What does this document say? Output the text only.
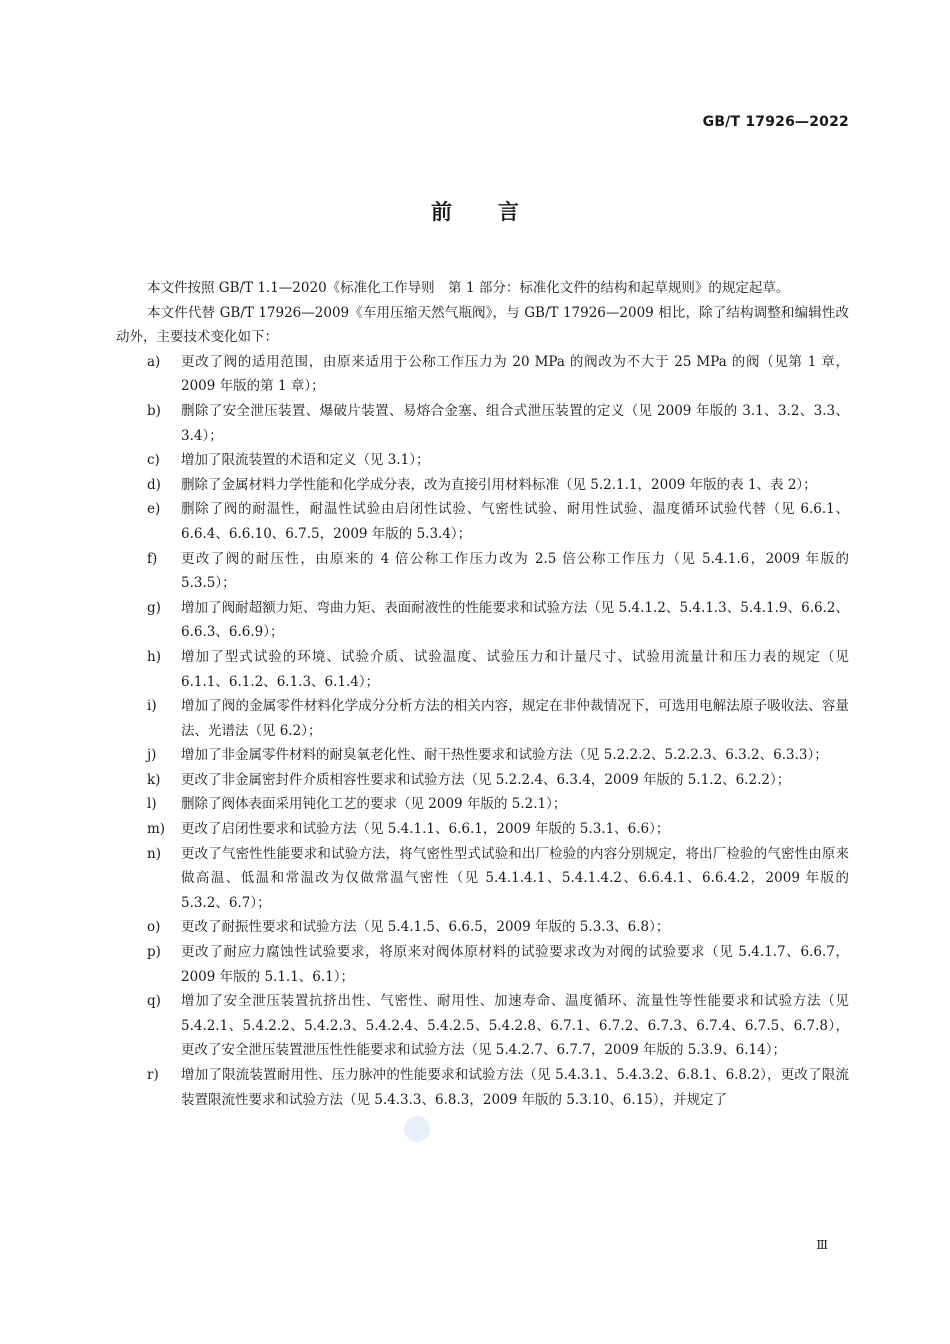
GB/T 17926—2022
前言

本文件按照 GB/T 1.1—2020《标准化工作导则　第 1 部分：标准化文件的结构和起草规则》的规定起草。

本文件代替 GB/T 17926—2009《车用压缩天然气瓶阀》，与 GB/T 17926—2009 相比，除了结构调整和编辑性改动外，主要技术变化如下：

a)	更改了阀的适用范围，由原来适用于公称工作压力为 20 MPa 的阀改为不大于 25 MPa 的阀（见第 1 章，2009 年版的第 1 章）；
b)	删除了安全泄压装置、爆破片装置、易熔合金塞、组合式泄压装置的定义（见 2009 年版的 3.1、3.2、3.3、3.4）；
c)	增加了限流装置的术语和定义（见 3.1）；
d)	删除了金属材料力学性能和化学成分表，改为直接引用材料标准（见 5.2.1.1，2009 年版的表 1、表 2）；
e)	删除了阀的耐温性，耐温性试验由启闭性试验、气密性试验、耐用性试验、温度循环试验代替（见 6.6.1、6.6.4、6.6.10、6.7.5，2009 年版的 5.3.4）；
f)	更改了阀的耐压性，由原来的 4 倍公称工作压力改为 2.5 倍公称工作压力（见 5.4.1.6，2009 年版的 5.3.5）；
g)	增加了阀耐超额力矩、弯曲力矩、表面耐液性的性能要求和试验方法（见 5.4.1.2、5.4.1.3、5.4.1.9、6.6.2、6.6.3、6.6.9）；
h)	增加了型式试验的环境、试验介质、试验温度、试验压力和计量尺寸、试验用流量计和压力表的规定（见 6.1.1、6.1.2、6.1.3、6.1.4）；
i)	增加了阀的金属零件材料化学成分分析方法的相关内容，规定在非仲裁情况下，可选用电解法原子吸收法、容量法、光谱法（见 6.2）；
j)	增加了非金属零件材料的耐臭氧老化性、耐干热性要求和试验方法（见 5.2.2.2、5.2.2.3、6.3.2、6.3.3）；
k)	更改了非金属密封件介质相容性要求和试验方法（见 5.2.2.4、6.3.4，2009 年版的 5.1.2、6.2.2）；
l)	删除了阀体表面采用钝化工艺的要求（见 2009 年版的 5.2.1）；
m)	更改了启闭性要求和试验方法（见 5.4.1.1、6.6.1，2009 年版的 5.3.1、6.6）；
n)	更改了气密性性能要求和试验方法，将气密性型式试验和出厂检验的内容分别规定，将出厂检验的气密性由原来做高温、低温和常温改为仅做常温气密性（见 5.4.1.4.1、5.4.1.4.2、6.6.4.1、6.6.4.2，2009 年版的 5.3.2、6.7）；
o)	更改了耐振性要求和试验方法（见 5.4.1.5、6.6.5，2009 年版的 5.3.3、6.8）；
p)	更改了耐应力腐蚀性试验要求，将原来对阀体原材料的试验要求改为对阀的试验要求（见 5.4.1.7、6.6.7，2009 年版的 5.1.1、6.1）；
q)	增加了安全泄压装置抗挤出性、气密性、耐用性、加速寿命、温度循环、流量性等性能要求和试验方法（见 5.4.2.1、5.4.2.2、5.4.2.3、5.4.2.4、5.4.2.5、5.4.2.8、6.7.1、6.7.2、6.7.3、6.7.4、6.7.5、6.7.8），更改了安全泄压装置泄压性性能要求和试验方法（见 5.4.2.7、6.7.7，2009 年版的 5.3.9、6.14）；
r)	增加了限流装置耐用性、压力脉冲的性能要求和试验方法（见 5.4.3.1、5.4.3.2、6.8.1、6.8.2），更改了限流装置限流性要求和试验方法（见 5.4.3.3、6.8.3，2009 年版的 5.3.10、6.15），并规定了
Ⅲ
